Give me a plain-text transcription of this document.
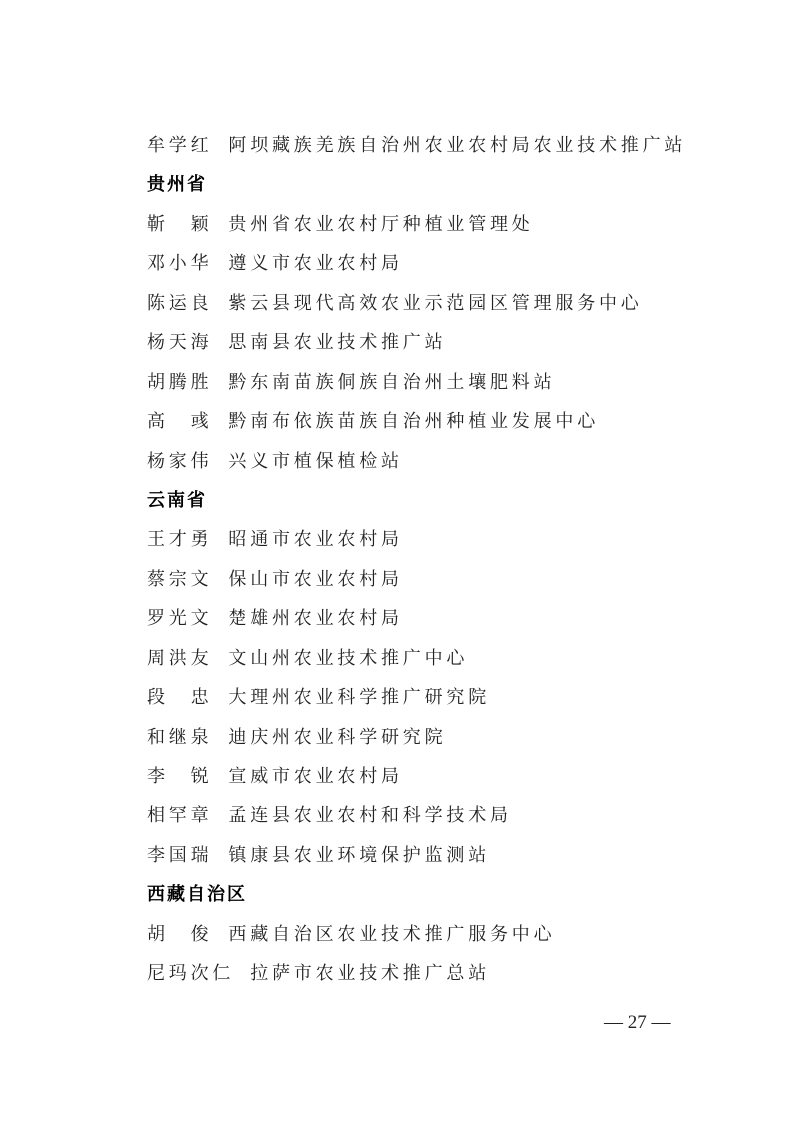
牟学红 阿坝藏族羌族自治州农业农村局农业技术推广站
贵州省
靳　颖 贵州省农业农村厅种植业管理处
邓小华 遵义市农业农村局
陈运良 紫云县现代高效农业示范园区管理服务中心
杨天海 思南县农业技术推广站
胡腾胜 黔东南苗族侗族自治州土壤肥料站
高　彧 黔南布依族苗族自治州种植业发展中心
杨家伟 兴义市植保植检站
云南省
王才勇 昭通市农业农村局
蔡宗文 保山市农业农村局
罗光文 楚雄州农业农村局
周洪友 文山州农业技术推广中心
段　忠 大理州农业科学推广研究院
和继泉 迪庆州农业科学研究院
李　锐 宣威市农业农村局
相罕章 孟连县农业农村和科学技术局
李国瑞 镇康县农业环境保护监测站
西藏自治区
胡　俊 西藏自治区农业技术推广服务中心
尼玛次仁 拉萨市农业技术推广总站
— 27 —
